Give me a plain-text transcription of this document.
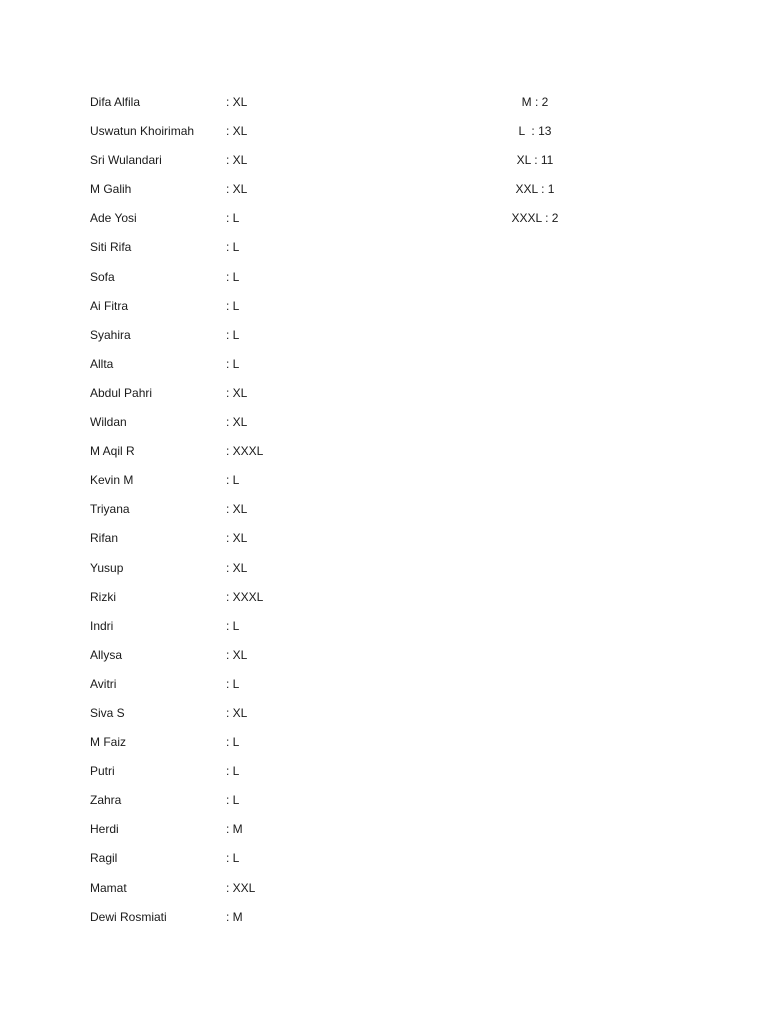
Difa Alfila	: XL
Uswatun Khoirimah	: XL
Sri Wulandari	: XL
M Galih	: XL
Ade Yosi	: L
Siti Rifa	: L
Sofa	: L
Ai Fitra	: L
Syahira	: L
Allta	: L
Abdul Pahri	: XL
Wildan	: XL
M Aqil R	: XXXL
Kevin M	: L
Triyana	: XL
Rifan	: XL
Yusup	: XL
Rizki	: XXXL
Indri	: L
Allysa	: XL
Avitri	: L
Siva S	: XL
M Faiz	: L
Putri	: L
Zahra	: L
Herdi	: M
Ragil	: L
Mamat	: XXL
Dewi Rosmiati	: M
M : 2
L  : 13
XL : 11
XXL : 1
XXXL : 2
